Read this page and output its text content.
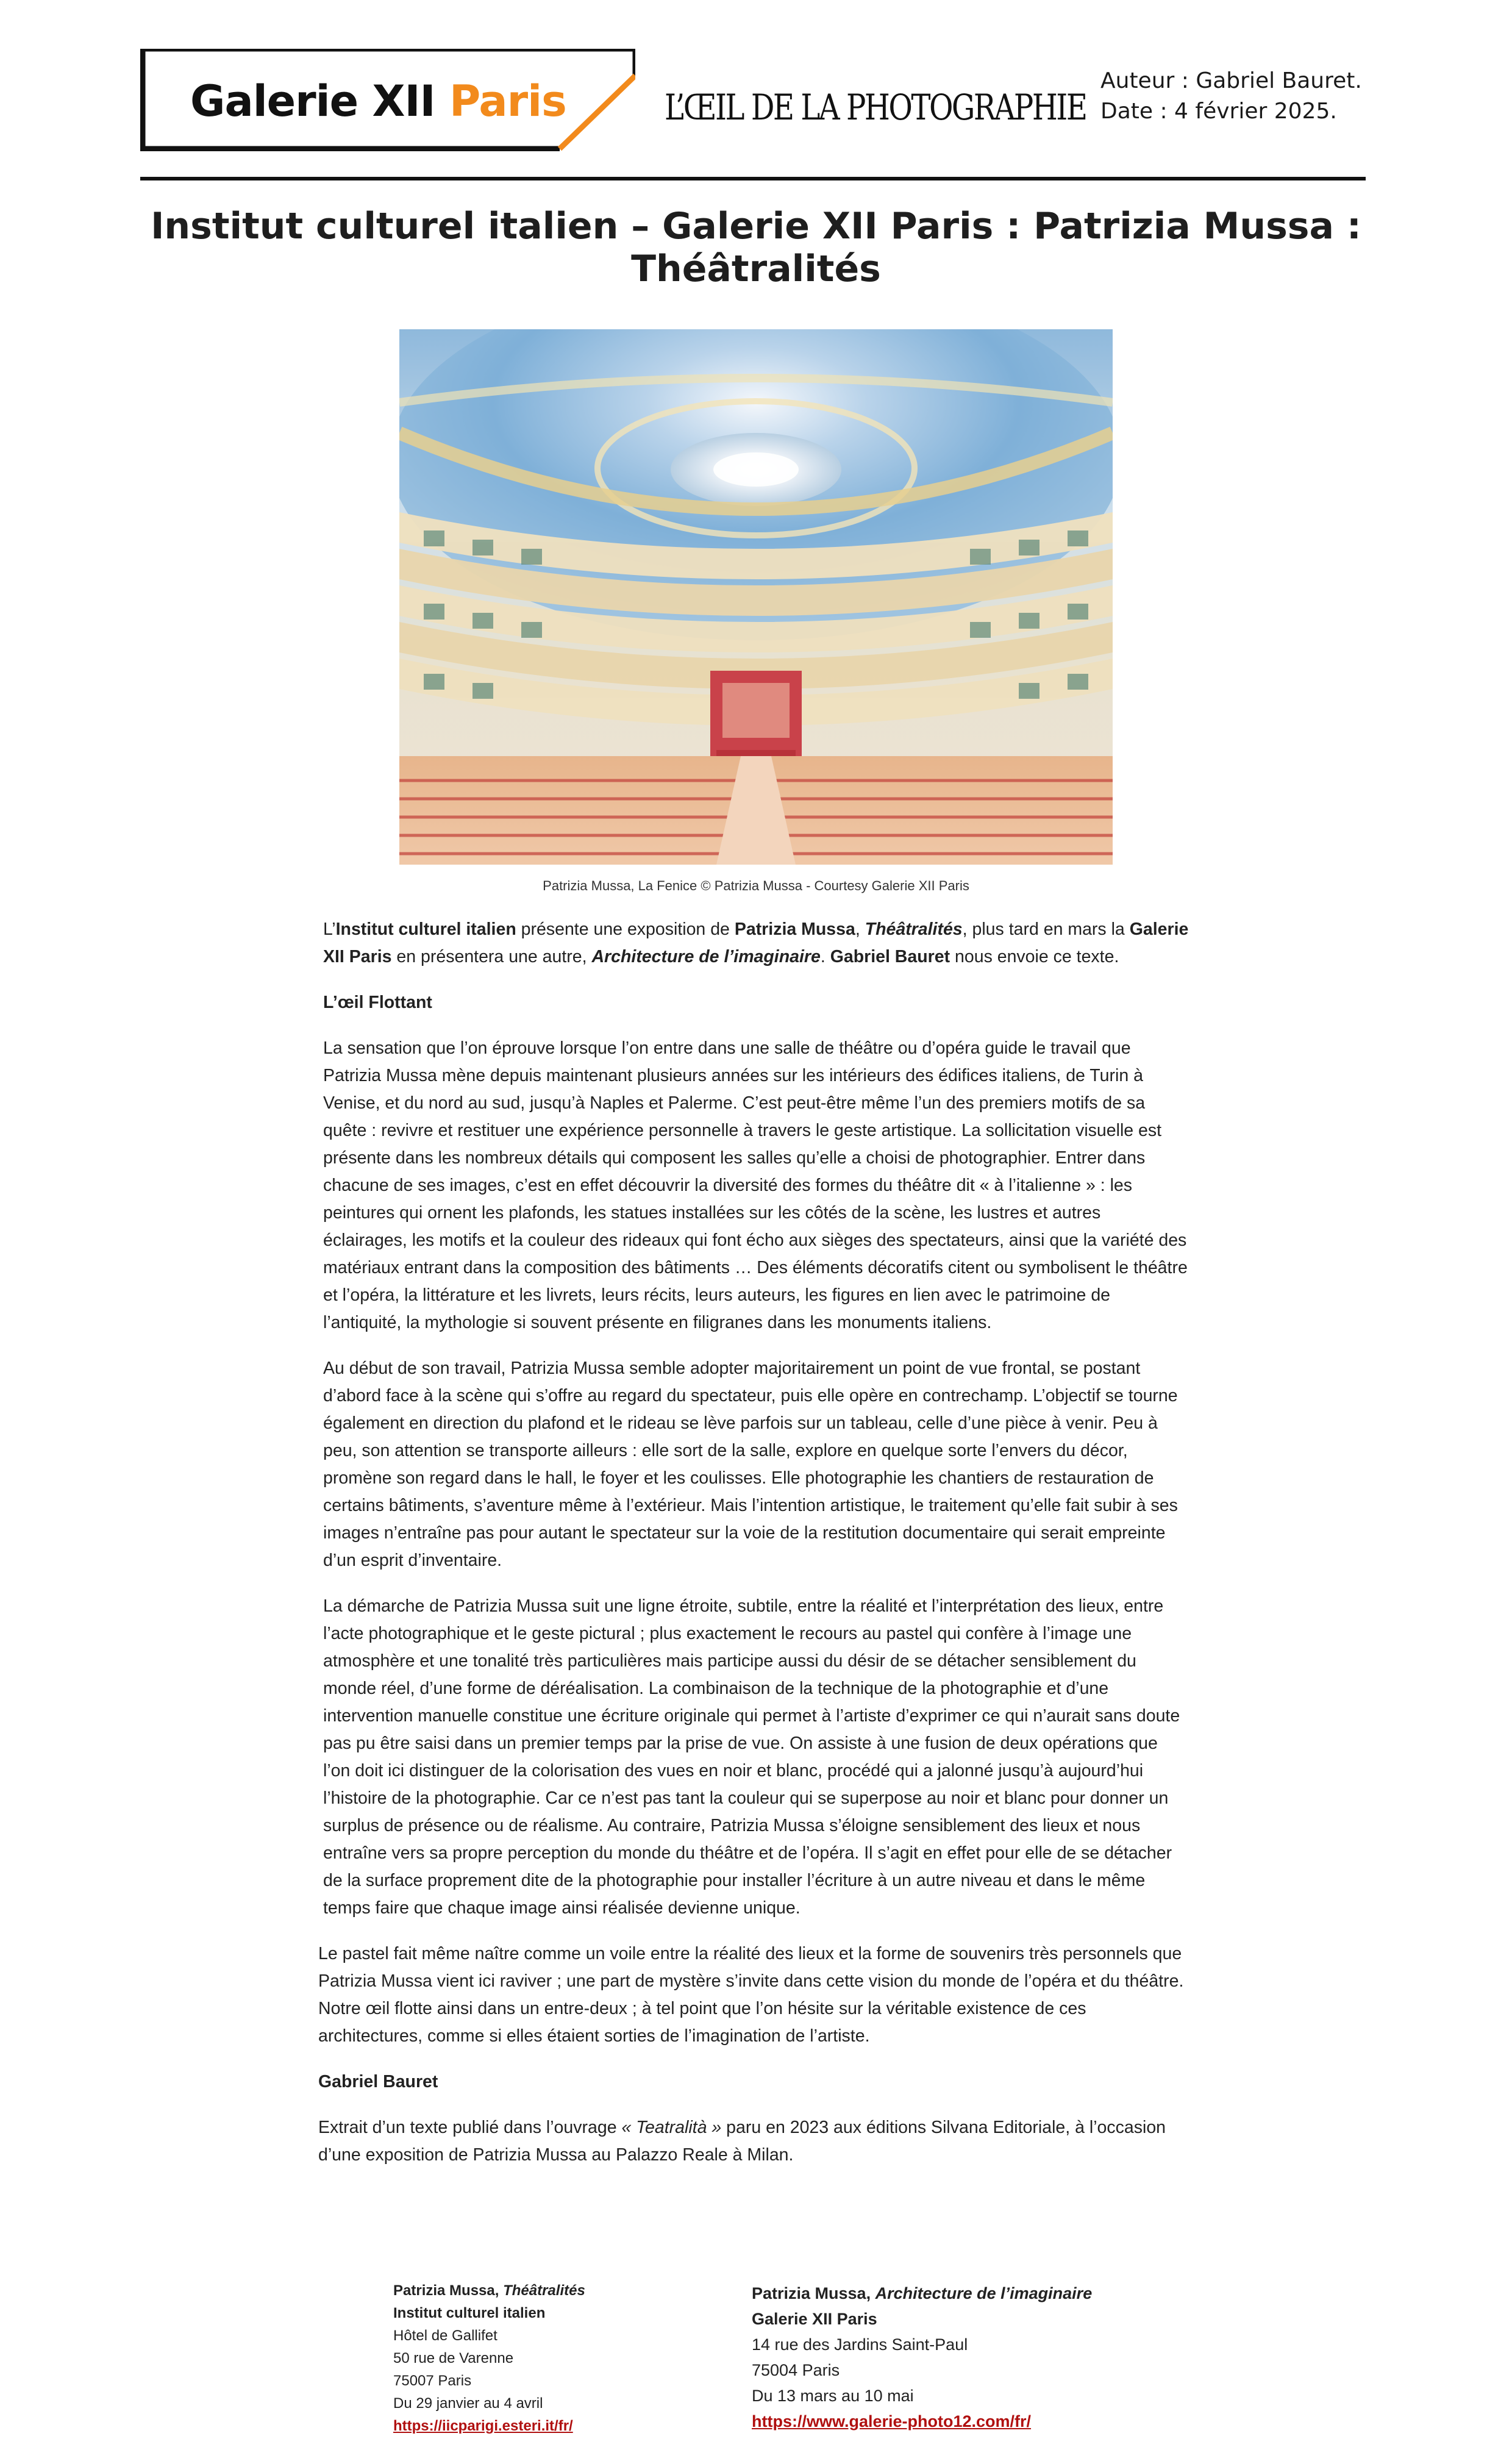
Galerie XII Paris	L’ŒIL DE LA PHOTOGRAPHIE
Auteur : Gabriel Bauret.
Date : 4 février 2025.
Institut culturel italien – Galerie XII Paris : Patrizia Mussa : Théâtralités
Patrizia Mussa, La Fenice © Patrizia Mussa - Courtesy Galerie XII Paris

L’Institut culturel italien présente une exposition de Patrizia Mussa, Théâtralités, plus tard en mars la Galerie XII Paris en présentera une autre, Architecture de l’imaginaire. Gabriel Bauret nous envoie ce texte.

L’œil Flottant

La sensation que l’on éprouve lorsque l’on entre dans une salle de théâtre ou d’opéra guide le travail que Patrizia Mussa mène depuis maintenant plusieurs années sur les intérieurs des édifices italiens, de Turin à Venise, et du nord au sud, jusqu’à Naples et Palerme. C’est peut-être même l’un des premiers motifs de sa quête : revivre et restituer une expérience personnelle à travers le geste artistique. La sollicitation visuelle est présente dans les nombreux détails qui composent les salles qu’elle a choisi de photographier. Entrer dans chacune de ses images, c’est en effet découvrir la diversité des formes du théâtre dit « à l’italienne » : les peintures qui ornent les plafonds, les statues installées sur les côtés de la scène, les lustres et autres éclairages, les motifs et la couleur des rideaux qui font écho aux sièges des spectateurs, ainsi que la variété des matériaux entrant dans la composition des bâtiments … Des éléments décoratifs citent ou symbolisent le théâtre et l’opéra, la littérature et les livrets, leurs récits, leurs auteurs, les figures en lien avec le patrimoine de l’antiquité, la mythologie si souvent présente en filigranes dans les monuments italiens.

Au début de son travail, Patrizia Mussa semble adopter majoritairement un point de vue frontal, se postant d’abord face à la scène qui s’offre au regard du spectateur, puis elle opère en contrechamp. L’objectif se tourne également en direction du plafond et le rideau se lève parfois sur un tableau, celle d’une pièce à venir. Peu à peu, son attention se transporte ailleurs : elle sort de la salle, explore en quelque sorte l’envers du décor, promène son regard dans le hall, le foyer et les coulisses. Elle photographie les chantiers de restauration de certains bâtiments, s’aventure même à l’extérieur. Mais l’intention artistique, le traitement qu’elle fait subir à ses images n’entraîne pas pour autant le spectateur sur la voie de la restitution documentaire qui serait empreinte d’un esprit d’inventaire.

La démarche de Patrizia Mussa suit une ligne étroite, subtile, entre la réalité et l’interprétation des lieux, entre l’acte photographique et le geste pictural ; plus exactement le recours au pastel qui confère à l’image une atmosphère et une tonalité très particulières mais participe aussi du désir de se détacher sensiblement du monde réel, d’une forme de déréalisation. La combinaison de la technique de la photographie et d’une intervention manuelle constitue une écriture originale qui permet à l’artiste d’exprimer ce qui n’aurait sans doute pas pu être saisi dans un premier temps par la prise de vue. On assiste à une fusion de deux opérations que l’on doit ici distinguer de la colorisation des vues en noir et blanc, procédé qui a jalonné jusqu’à aujourd’hui l’histoire de la photographie. Car ce n’est pas tant la couleur qui se superpose au noir et blanc pour donner un surplus de présence ou de réalisme. Au contraire, Patrizia Mussa s’éloigne sensiblement des lieux et nous entraîne vers sa propre perception du monde du théâtre et de l’opéra. Il s’agit en effet pour elle de se détacher de la surface proprement dite de la photographie pour installer l’écriture à un autre niveau et dans le même temps faire que chaque image ainsi réalisée devienne unique.

Le pastel fait même naître comme un voile entre la réalité des lieux et la forme de souvenirs très personnels que Patrizia Mussa vient ici raviver ; une part de mystère s’invite dans cette vision du monde de l’opéra et du théâtre. Notre œil flotte ainsi dans un entre-deux ; à tel point que l’on hésite sur la véritable existence de ces architectures, comme si elles étaient sorties de l’imagination de l’artiste.

Gabriel Bauret

Extrait d’un texte publié dans l’ouvrage « Teatralità » paru en 2023 aux éditions Silvana Editoriale, à l’occasion d’une exposition de Patrizia Mussa au Palazzo Reale à Milan.

Patrizia Mussa, Théâtralités
Institut culturel italien
Hôtel de Gallifet
50 rue de Varenne
75007 Paris
Du 29 janvier au 4 avril
https://iicparigi.esteri.it/fr/
Patrizia Mussa, Architecture de l’imaginaire
Galerie XII Paris
14 rue des Jardins Saint-Paul
75004 Paris
Du 13 mars au 10 mai
https://www.galerie-photo12.com/fr/
